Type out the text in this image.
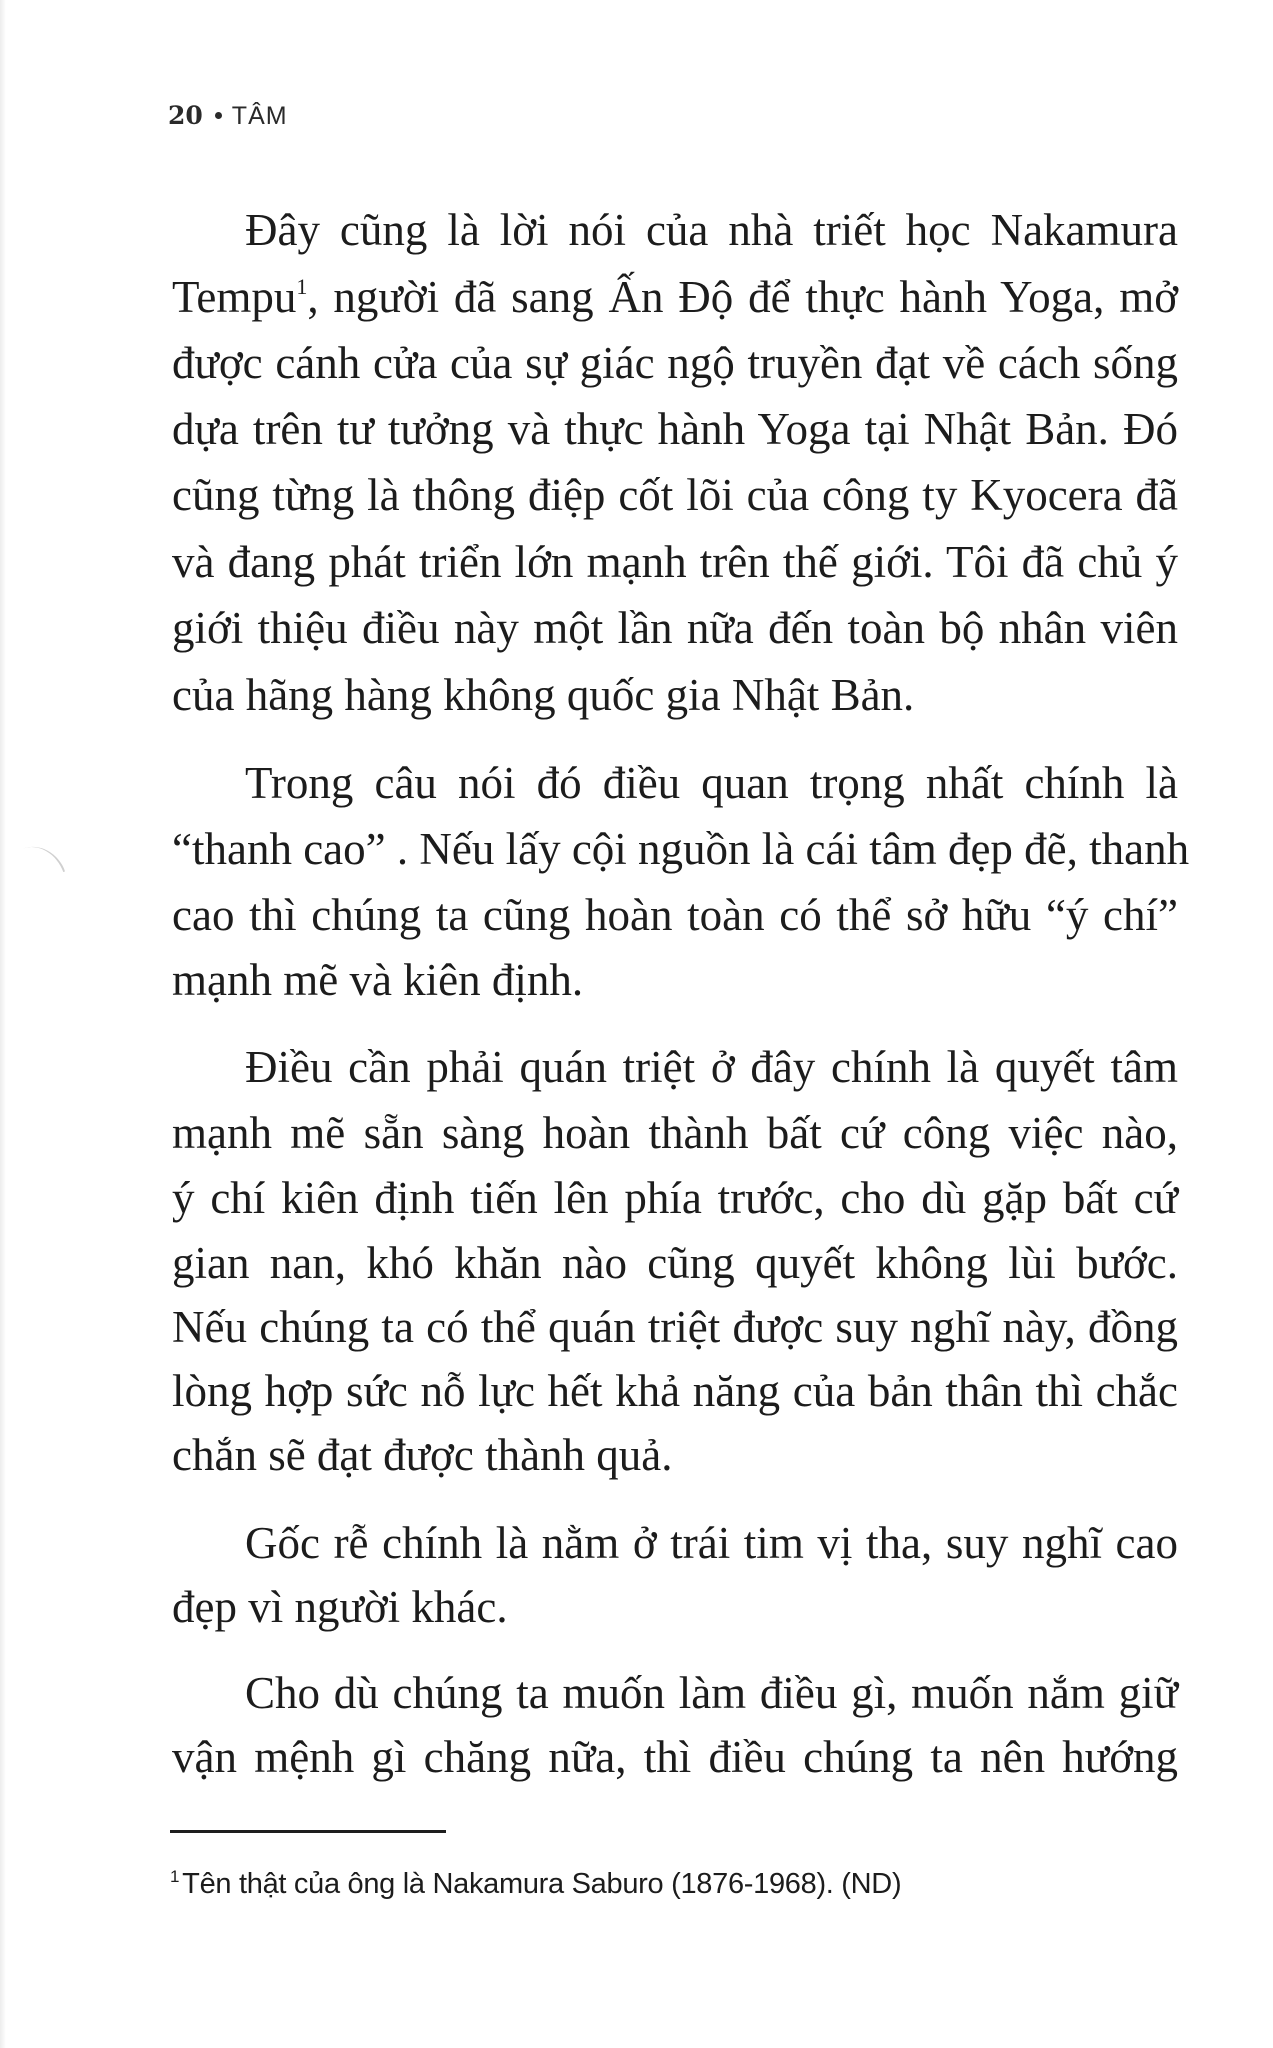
20 TÂM
Đây cũng là lời nói của nhà triết học Nakamura
Tempu$^1$, người đã sang Ấn Độ để thực hành Yoga, mở
được cánh cửa của sự giác ngộ truyền đạt về cách sống
dựa trên tư tưởng và thực hành Yoga tại Nhật Bản. Đó
cũng từng là thông điệp cốt lõi của công ty Kyocera đã
và đang phát triển lớn mạnh trên thế giới. Tôi đã chủ ý
giới thiệu điều này một lần nữa đến toàn bộ nhân viên
của hãng hàng không quốc gia Nhật Bản.
Trong câu nói đó điều quan trọng nhất chính là
“thanh cao” . Nếu lấy cội nguồn là cái tâm đẹp đẽ, thanh
cao thì chúng ta cũng hoàn toàn có thể sở hữu “ý chí”
mạnh mẽ và kiên định.
Điều cần phải quán triệt ở đây chính là quyết tâm
mạnh mẽ sẵn sàng hoàn thành bất cứ công việc nào,
ý chí kiên định tiến lên phía trước, cho dù gặp bất cứ
gian nan, khó khăn nào cũng quyết không lùi bước.
Nếu chúng ta có thể quán triệt được suy nghĩ này, đồng
lòng hợp sức nỗ lực hết khả năng của bản thân thì chắc
chắn sẽ đạt được thành quả.
Gốc rễ chính là nằm ở trái tim vị tha, suy nghĩ cao
đẹp vì người khác.
Cho dù chúng ta muốn làm điều gì, muốn nắm giữ
vận mệnh gì chăng nữa, thì điều chúng ta nên hướng
$^1$ Tên thật của ông là Nakamura Saburo (1876-1968). (ND)
